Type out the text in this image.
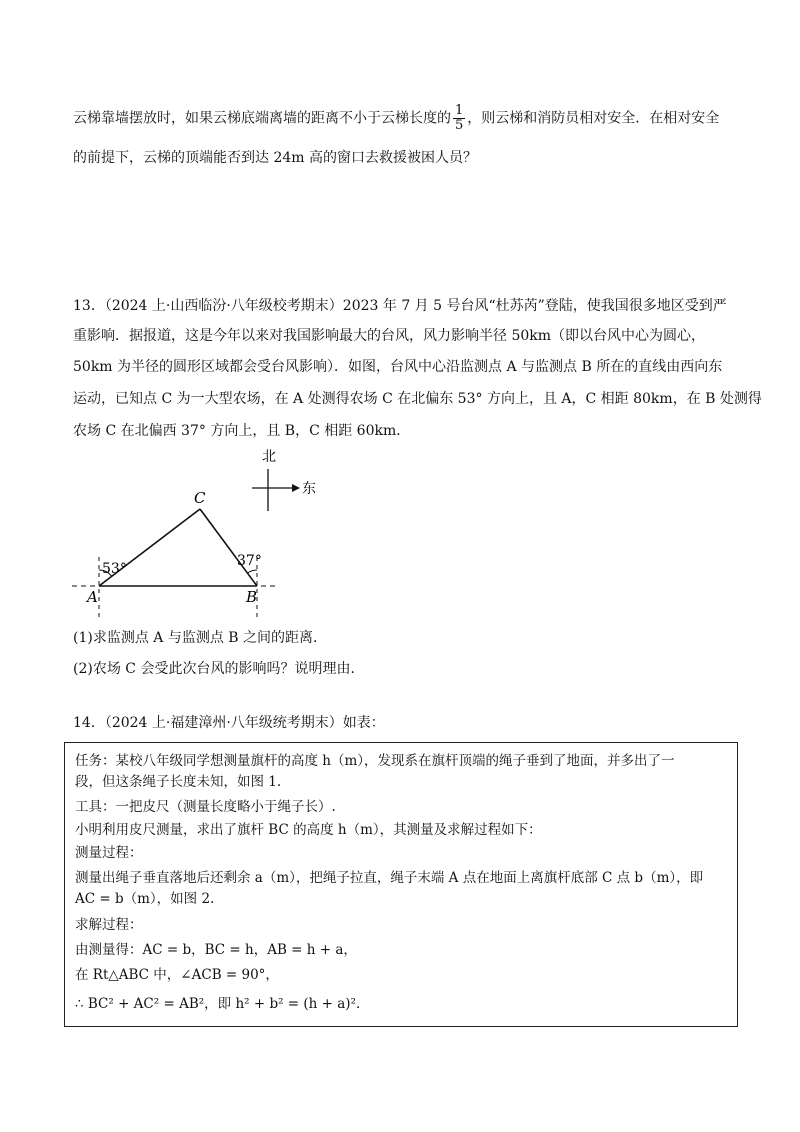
云梯靠墙摆放时，如果云梯底端离墙的距离不小于云梯长度的 $\frac{1}{5}$ ，则云梯和消防员相对安全．在相对安全
的前提下，云梯的顶端能否到达 24m 高的窗口去救援被困人员？
13．（2024 上·山西临汾·八年级校考期末）2023 年 7 月 5 号台风“杜苏芮”登陆，使我国很多地区受到严
重影响．据报道，这是今年以来对我国影响最大的台风，风力影响半径 50km（即以台风中心为圆心，
50km 为半径的圆形区域都会受台风影响）．如图，台风中心沿监测点 A 与监测点 B 所在的直线由西向东
运动，已知点 C 为一大型农场，在 A 处测得农场 C 在北偏东 53° 方向上，且 A，C 相距 80km，在 B 处测得
农场 C 在北偏西 37° 方向上，且 B，C 相距 60km．
北
东
C
A	B
53°	37°
(1)求监测点 A 与监测点 B 之间的距离．
(2)农场 C 会受此次台风的影响吗？说明理由．
14．（2024 上·福建漳州·八年级统考期末）如表：
任务：某校八年级同学想测量旗杆的高度 h（m），发现系在旗杆顶端的绳子垂到了地面，并多出了一
段，但这条绳子长度未知，如图 1.
工具：一把皮尺（测量长度略小于绳子长）.
小明利用皮尺测量，求出了旗杆 BC 的高度 h（m），其测量及求解过程如下：
测量过程：
测量出绳子垂直落地后还剩余 a（m），把绳子拉直，绳子末端 A 点在地面上离旗杆底部 C 点 b（m），即
AC = b（m），如图 2.
求解过程：
由测量得：AC = b，BC = h，AB = h + a，
在 Rt△ABC 中，∠ACB = 90°，
∴ BC² + AC² = AB²，即 h² + b² = (h + a)²．
